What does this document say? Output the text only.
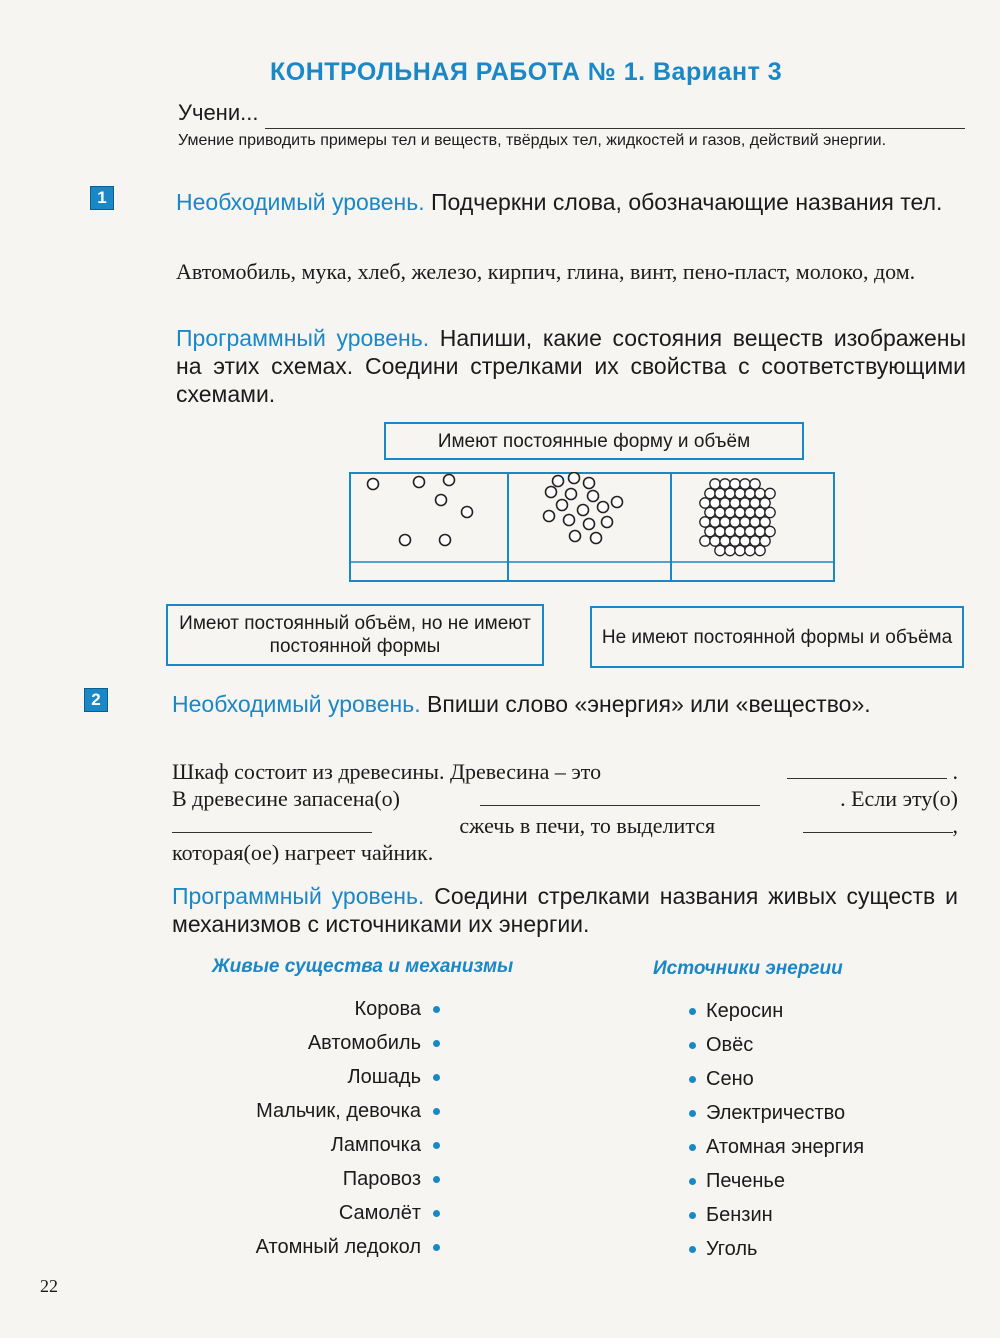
КОНТРОЛЬНАЯ РАБОТА № 1. Вариант 3
Учени...
Умение приводить примеры тел и веществ, твёрдых тел, жидкостей и газов, действий энергии.
1	Необходимый уровень. Подчеркни слова, обозначающие названия тел.
Автомобиль, мука, хлеб, железо, кирпич, глина, винт, пено-пласт, молоко, дом.
Программный уровень. Напиши, какие состояния веществ изображены на этих схемах. Соедини стрелками их свойства с соответствующими схемами.
Имеют постоянные форму и объём
Имеют постоянный объём, но не имеют постоянной формы	Не имеют постоянной формы и объёма
2	Необходимый уровень. Впиши слово «энергия» или «вещество».
Шкаф состоит из древесины. Древесина – это	.
В древесине запасена(о)	. Если эту(о)
сжечь в печи, то выделится	,
которая(ое) нагреет чайник.
Программный уровень. Соедини стрелками названия живых существ и механизмов с источниками их энергии.
Живые существа и механизмы	Источники энергии
Корова
Автомобиль
Лошадь
Мальчик, девочка
Лампочка
Паровоз
Самолёт
Атомный ледокол
Керосин
Овёс
Сено
Электричество
Атомная энергия
Печенье
Бензин
Уголь
22
